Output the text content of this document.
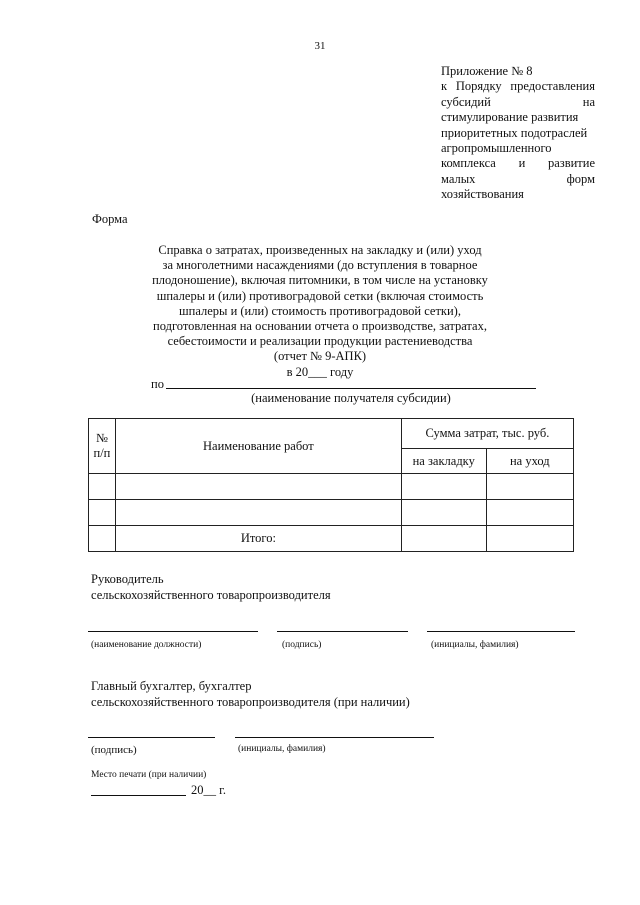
31
Приложение № 8
к Порядку предоставления
субсидий	на
стимулирование развития
приоритетных подотраслей
агропромышленного
комплекса и развитие
малых	форм
хозяйствования
Форма
Справка о затратах, произведенных на закладку и (или) уход
за многолетними насаждениями (до вступления в товарное
плодоношение), включая питомники, в том числе на установку
шпалеры и (или) противоградовой сетки (включая стоимость
шпалеры и (или) стоимость противоградовой сетки),
подготовленная на основании отчета о производстве, затратах,
себестоимости и реализации продукции растениеводства
(отчет № 9-АПК)
в 20___ году
по
(наименование получателя субсидии)
№
п/п	Наименование работ	Сумма затрат, тыс. руб.	
		на закладку	на уход

	Итого:		
Руководитель
сельскохозяйственного товаропроизводителя
(наименование должности)	(подпись)	(инициалы, фамилия)
Главный бухгалтер, бухгалтер
сельскохозяйственного товаропроизводителя (при наличии)
(подпись)	(инициалы, фамилия)
Место печати (при наличии)
20__ г.
